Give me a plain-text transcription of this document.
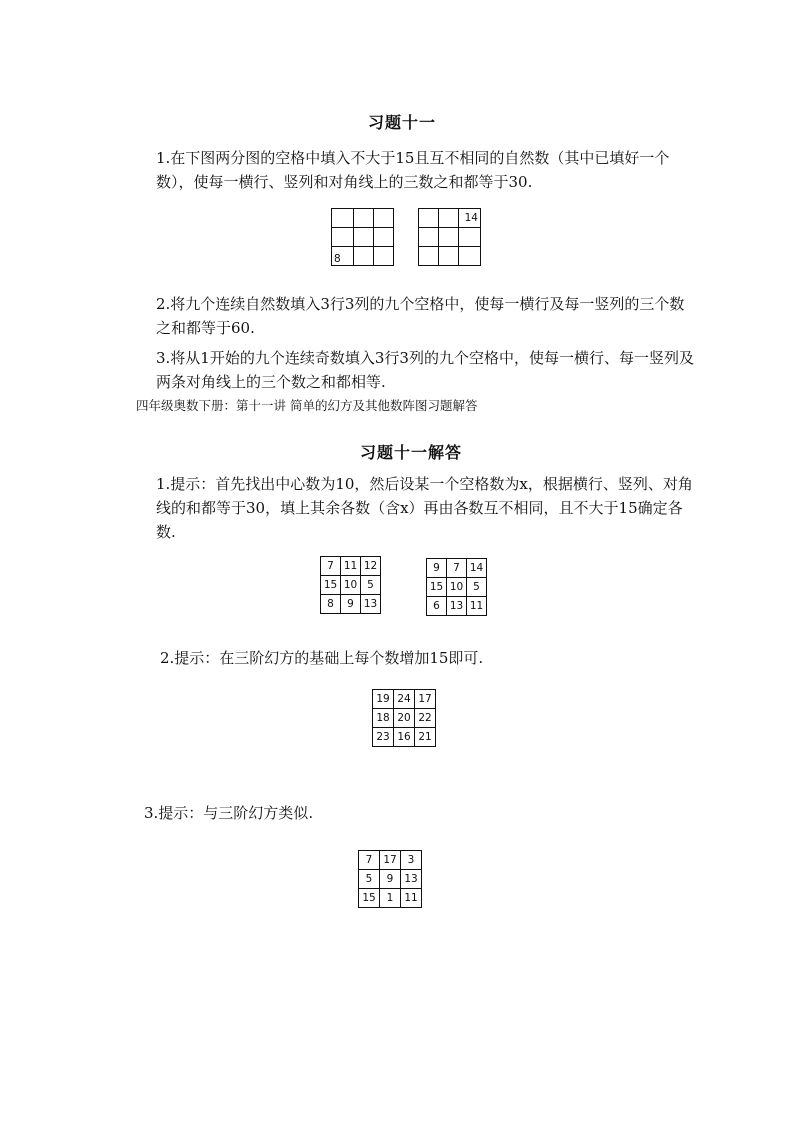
习题十一
1.在下图两分图的空格中填入不大于15且互不相同的自然数（其中已填好一个数），使每一横行、竖列和对角线上的三数之和都等于30.

8		
		14

2.将九个连续自然数填入3行3列的九个空格中，使每一横行及每一竖列的三个数之和都等于60.
3.将从1开始的九个连续奇数填入3行3列的九个空格中，使每一横行、每一竖列及两条对角线上的三个数之和都相等.
四年级奥数下册：第十一讲 简单的幻方及其他数阵图习题解答
习题十一解答
1.提示：首先找出中心数为10，然后设某一个空格数为x，根据横行、竖列、对角线的和都等于30，填上其余各数（含x）再由各数互不相同，且不大于15确定各数.
7	11	12
15	10	5
8	9	13
9	7	14
15	10	5
6	13	11
2.提示：在三阶幻方的基础上每个数增加15即可.
19	24	17
18	20	22
23	16	21
3.提示：与三阶幻方类似.
7	17	3
5	9	13
15	1	11
